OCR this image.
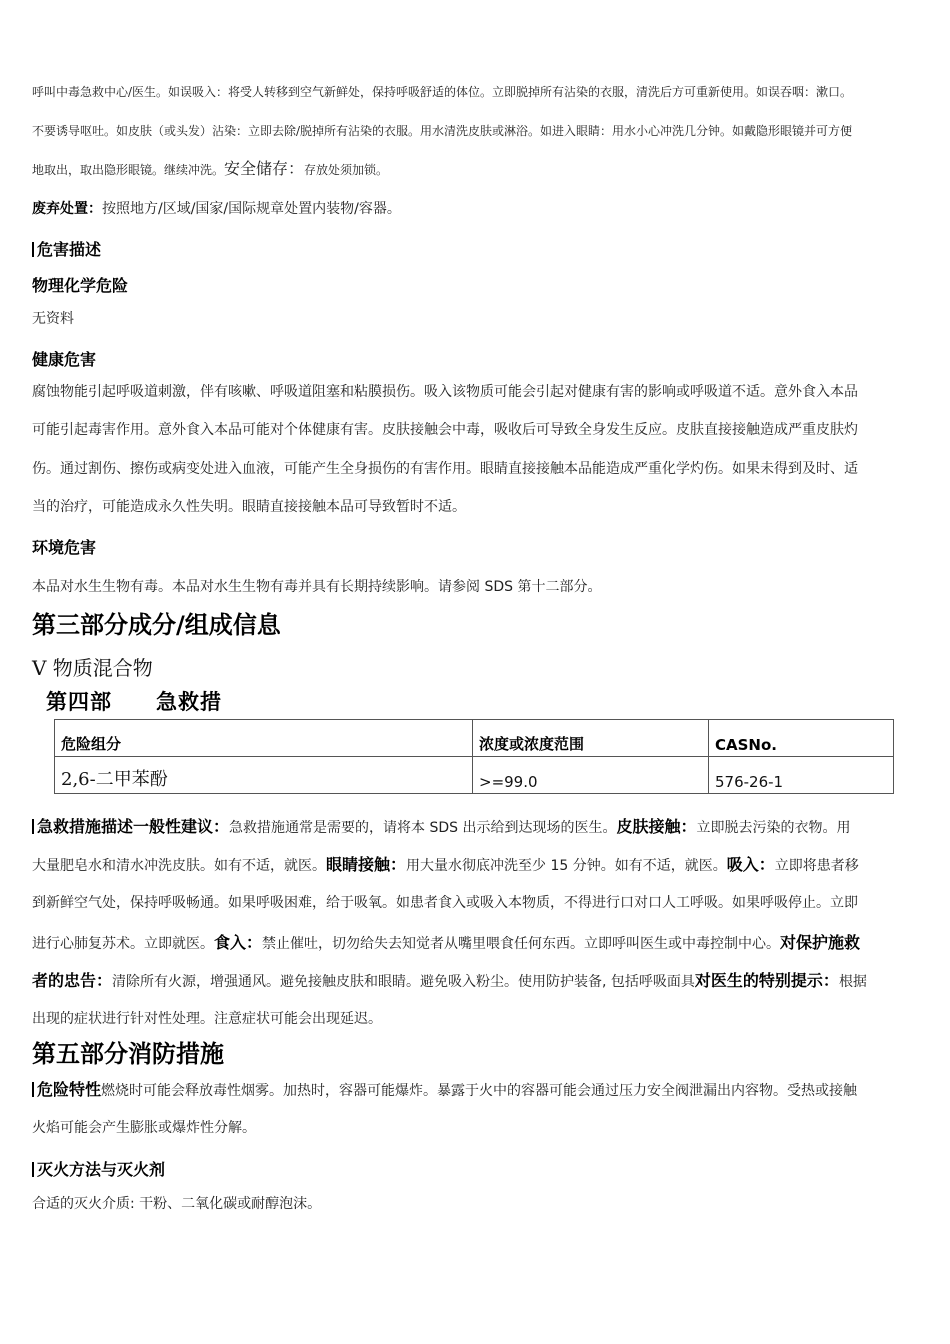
呼叫中毒急救中心/医生。如误吸入：将受人转移到空气新鲜处，保持呼吸舒适的体位。立即脱掉所有沾染的衣服，清洗后方可重新使用。如误吞咽：漱口。
不要诱导呕吐。如皮肤（或头发）沾染：立即去除/脱掉所有沾染的衣服。用水清洗皮肤或淋浴。如进入眼睛：用水小心冲洗几分钟。如戴隐形眼镜并可方便
地取出，取出隐形眼镜。继续冲洗。安全储存：存放处须加锁。
废弃处置：按照地方/区域/国家/国际规章处置内装物/容器。
危害描述
物理化学危险
无资料
健康危害
腐蚀物能引起呼吸道刺激，伴有咳嗽、呼吸道阻塞和粘膜损伤。吸入该物质可能会引起对健康有害的影响或呼吸道不适。意外食入本品
可能引起毒害作用。意外食入本品可能对个体健康有害。皮肤接触会中毒，吸收后可导致全身发生反应。皮肤直接接触造成严重皮肤灼
伤。通过割伤、擦伤或病变处进入血液，可能产生全身损伤的有害作用。眼睛直接接触本品能造成严重化学灼伤。如果未得到及时、适
当的治疗，可能造成永久性失明。眼睛直接接触本品可导致暂时不适。
环境危害
本品对水生生物有毒。本品对水生生物有毒并具有长期持续影响。请参阅 SDS 第十二部分。
第三部分成分/组成信息
V 物质混合物
第四部　　急救措
危险组分	浓度或浓度范围	CASNo.
2,6-二甲苯酚	>=99.0	576-26-1
急救措施描述一般性建议：急救措施通常是需要的，请将本 SDS 出示给到达现场的医生。皮肤接触：立即脱去污染的衣物。用
大量肥皂水和清水冲洗皮肤。如有不适，就医。眼睛接触：用大量水彻底冲洗至少 15 分钟。如有不适，就医。吸入：立即将患者移
到新鲜空气处，保持呼吸畅通。如果呼吸困难，给于吸氧。如患者食入或吸入本物质，不得进行口对口人工呼吸。如果呼吸停止。立即
进行心肺复苏术。立即就医。食入：禁止催吐，切勿给失去知觉者从嘴里喂食任何东西。立即呼叫医生或中毒控制中心。对保护施救
者的忠告：清除所有火源，增强通风。避免接触皮肤和眼睛。避免吸入粉尘。使用防护装备, 包括呼吸面具对医生的特别提示：根据
出现的症状进行针对性处理。注意症状可能会出现延迟。
第五部分消防措施
危险特性燃烧时可能会释放毒性烟雾。加热时，容器可能爆炸。暴露于火中的容器可能会通过压力安全阀泄漏出内容物。受热或接触
火焰可能会产生膨胀或爆炸性分解。
灭火方法与灭火剂
合适的灭火介质: 干粉、二氧化碳或耐醇泡沫。
